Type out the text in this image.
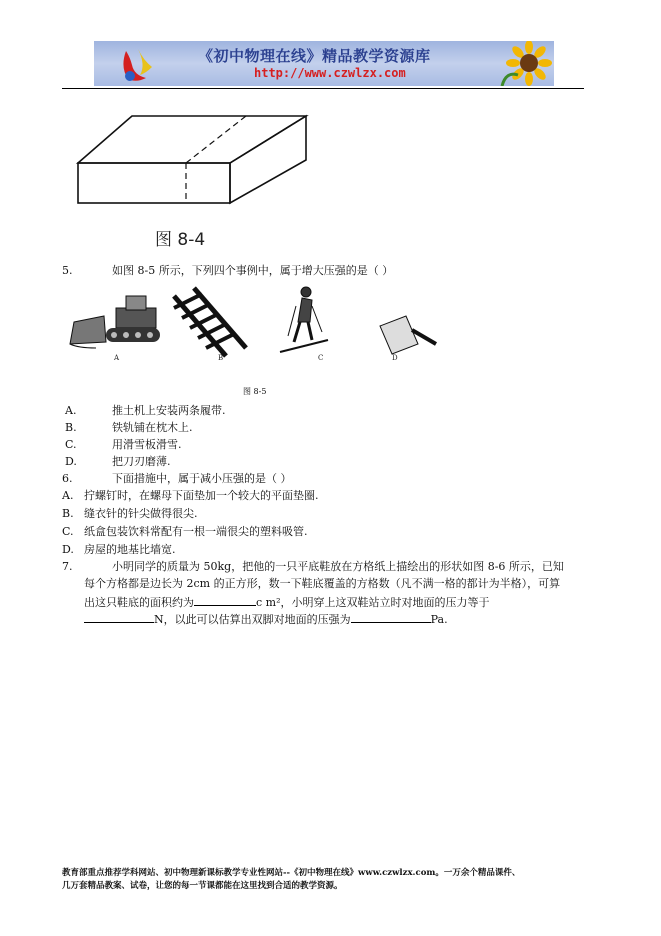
《初中物理在线》精品教学资源库
http://www.czwlzx.com
图 8-4
5.	如图 8-5 所示，下列四个事例中，属于增大压强的是（ ）
A	B	C	D
图 8-5
A.	推土机上安装两条履带.
B.	铁轨铺在枕木上.
C.	用滑雪板滑雪.
D.	把刀刃磨薄.
6.	下面措施中，属于减小压强的是（ ）
A. 拧螺钉时，在螺母下面垫加一个较大的平面垫圈.
B. 缝衣针的针尖做得很尖.
C. 纸盒包装饮料常配有一根一端很尖的塑料吸管.
D. 房屋的地基比墙宽.
7.	小明同学的质量为 50kg，把他的一只平底鞋放在方格纸上描绘出的形状如图 8-6 所示，已知
每个方格都是边长为 2cm 的正方形，数一下鞋底覆盖的方格数（凡不满一格的都计为半格），可算
出这只鞋底的面积约为	c m²，小明穿上这双鞋站立时对地面的压力等于
N，以此可以估算出双脚对地面的压强为	Pa.
教育部重点推荐学科网站、初中物理新课标教学专业性网站--《初中物理在线》www.czwlzx.com。一万余个精品课件、
几万套精品教案、试卷，让您的每一节课都能在这里找到合适的教学资源。
